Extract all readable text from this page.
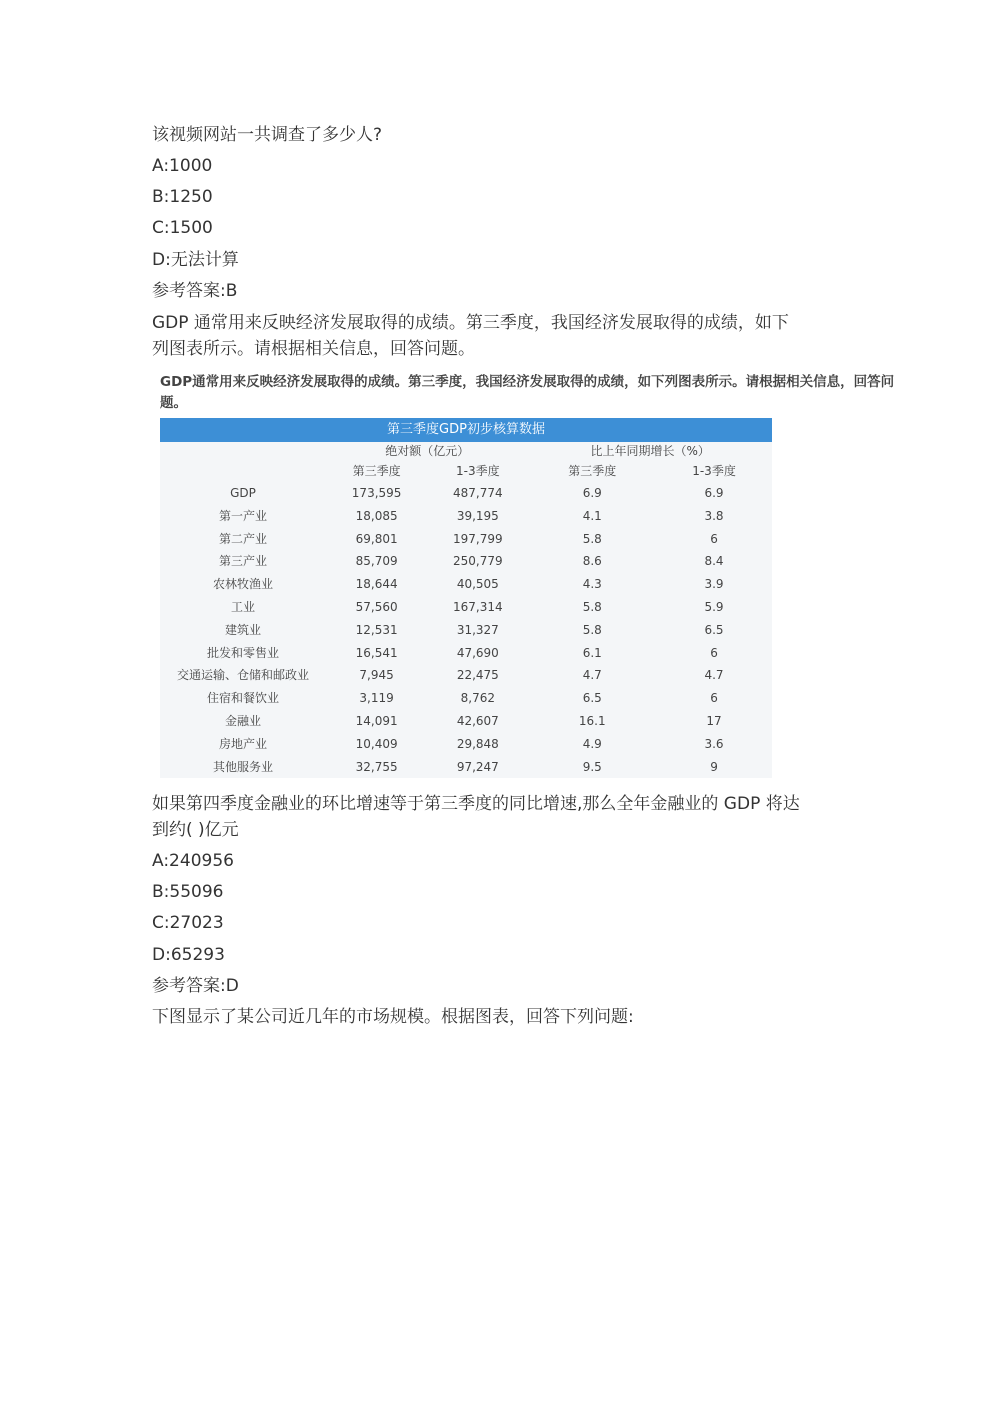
该视频网站一共调查了多少人?
A:1000
B:1250
C:1500
D:无法计算
参考答案:B
GDP 通常用来反映经济发展取得的成绩。第三季度，我国经济发展取得的成绩，如下
列图表所示。请根据相关信息，回答问题。
GDP通常用来反映经济发展取得的成绩。第三季度，我国经济发展取得的成绩，如下列图表所示。请根据相关信息，回答问题。
第三季度GDP初步核算数据				
	绝对额（亿元）		比上年同期增长（%）	
	第三季度	1-3季度	第三季度	1-3季度
GDP	173,595	487,774	6.9	6.9
第一产业	18,085	39,195	4.1	3.8
第二产业	69,801	197,799	5.8	6
第三产业	85,709	250,779	8.6	8.4
农林牧渔业	18,644	40,505	4.3	3.9
工业	57,560	167,314	5.8	5.9
建筑业	12,531	31,327	5.8	6.5
批发和零售业	16,541	47,690	6.1	6
交通运输、仓储和邮政业	7,945	22,475	4.7	4.7
住宿和餐饮业	3,119	8,762	6.5	6
金融业	14,091	42,607	16.1	17
房地产业	10,409	29,848	4.9	3.6
其他服务业	32,755	97,247	9.5	9
如果第四季度金融业的环比增速等于第三季度的同比增速,那么全年金融业的 GDP 将达
到约( )亿元
A:240956
B:55096
C:27023
D:65293
参考答案:D
下图显示了某公司近几年的市场规模。根据图表，回答下列问题:
